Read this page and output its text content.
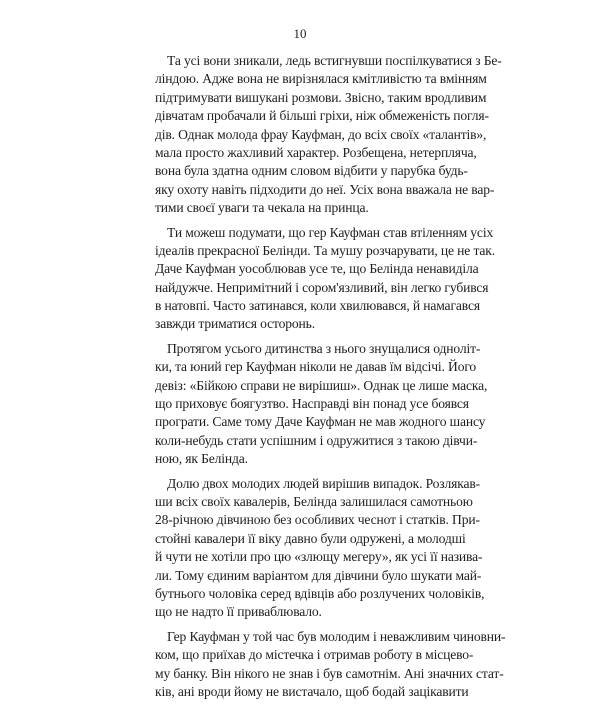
10
Та усі вони зникали, ледь встигнувши поспілкуватися з Бе-
ліндою. Адже вона не вирізнялася кмітливістю та вмінням
підтримувати вишукані розмови. Звісно, таким вродливим
дівчатам пробачали й більші гріхи, ніж обмеженість погля-
дів. Однак молода фрау Кауфман, до всіх своїх «талантів»,
мала просто жахливий характер. Розбещена, нетерпляча,
вона була здатна одним словом відбити у парубка будь-
яку охоту навіть підходити до неї. Усіх вона вважала не вар-
тими своєї уваги та чекала на принца.
Ти можеш подумати, що гер Кауфман став втіленням усіх
ідеалів прекрасної Белінди. Та мушу розчарувати, це не так.
Даче Кауфман уособлював усе те, що Белінда ненавиділа
найдужче. Непримітний і сором'язливий, він легко губився
в натовпі. Часто затинався, коли хвилювався, й намагався
завжди триматися осторонь.
Протягом усього дитинства з нього знущалися одноліт-
ки, та юний гер Кауфман ніколи не давав їм відсічі. Його
девіз: «Бійкою справи не вирішиш». Однак це лише маска,
що приховує боягузтво. Насправді він понад усе боявся
програти. Саме тому Даче Кауфман не мав жодного шансу
коли-небудь стати успішним і одружитися з такою дівчи-
ною, як Белінда.
Долю двох молодих людей вирішив випадок. Розлякав-
ши всіх своїх кавалерів, Белінда залишилася самотньою
28-річною дівчиною без особливих чеснот і статків. При-
стойні кавалери її віку давно були одружені, а молодші
й чути не хотіли про цю «злющу мегеру», як усі її назива-
ли. Тому єдиним варіантом для дівчини було шукати май-
бутнього чоловіка серед вдівців або розлучених чоловіків,
що не надто її приваблювало.
Гер Кауфман у той час був молодим і неважливим чиновни-
ком, що приїхав до містечка і отримав роботу в місцево-
му банку. Він нікого не знав і був самотнім. Ані значних стат-
ків, ані вроди йому не вистачало, щоб бодай зацікавити
